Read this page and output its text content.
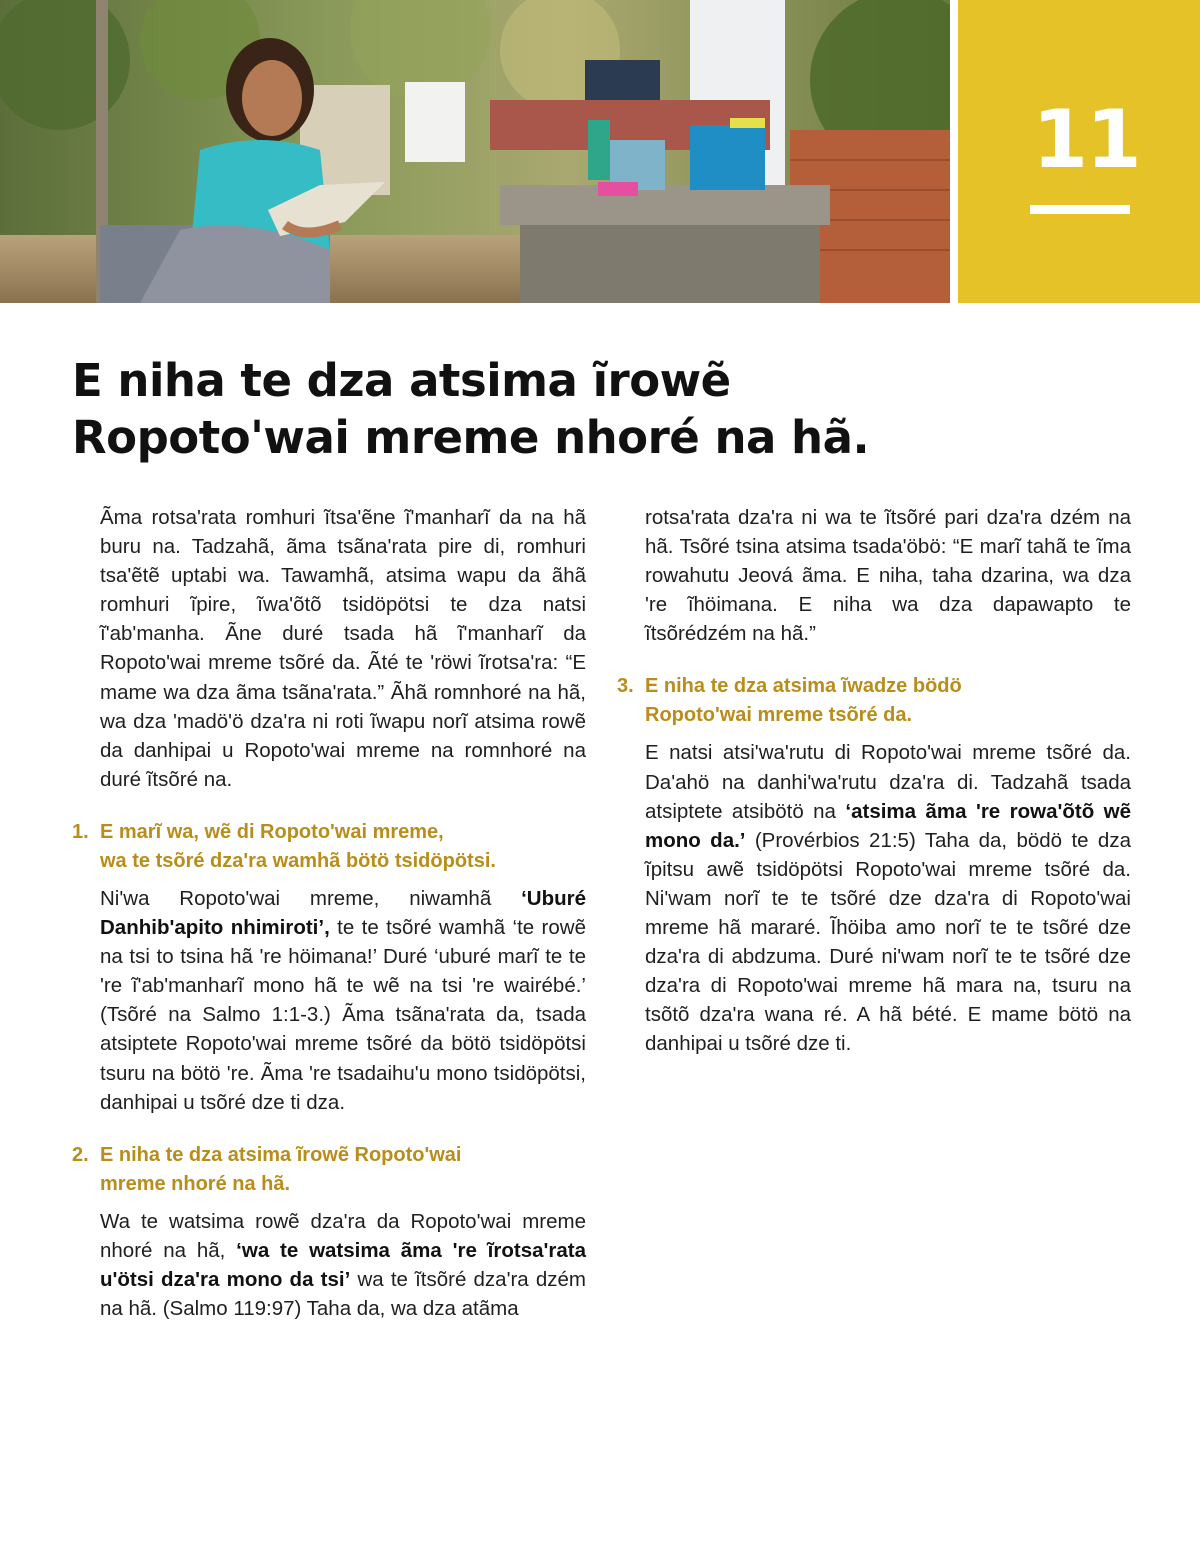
11
E niha te dza atsima ĩrowẽ
Ropoto'wai mreme nhoré na hã.

Ãma rotsa'rata romhuri ĩtsa'ẽne ĩ'manharĩ da na hã buru na. Tadzahã, ãma tsãna'rata pire di, romhuri tsa'ẽtẽ uptabi wa. Tawamhã, atsima wapu da ãhã romhuri ĩpire, ĩwa'õtõ tsidöpötsi te dza natsi ĩ'ab'manha. Ãne duré tsada hã ĩ'manharĩ da Ropoto'wai mreme tsõré da. Ãté te 'röwi ĩrotsa'ra: “E mame wa dza ãma tsãna'rata.” Ãhã romnhoré na hã, wa dza 'madö'ö dza'ra ni roti ĩwapu norĩ atsima rowẽ da danhipai u Ropoto'wai mreme na romnhoré na duré ĩtsõré na.

1. E marĩ wa, wẽ di Ropoto'wai mreme,
wa te tsõré dza'ra wamhã bötö tsidöpötsi.

Ni'wa Ropoto'wai mreme, niwamhã ‘Uburé Danhib'apito nhimiroti’, te te tsõré wamhã ‘te rowẽ na tsi to tsina hã 're höimana!’ Duré ‘uburé marĩ te te 're ĩ'ab'manharĩ mono hã te wẽ na tsi 're wairébé.’ (Tsõré na Salmo 1:1-3.) Ãma tsãna'rata da, tsada atsiptete Ropoto'wai mreme tsõré da bötö tsidöpötsi tsuru na bötö 're. Ãma 're tsadaihu'u mono tsidöpötsi, danhipai u tsõré dze ti dza.

2. E niha te dza atsima ĩrowẽ Ropoto'wai
mreme nhoré na hã.

Wa te watsima rowẽ dza'ra da Ropoto'wai mreme nhoré na hã, ‘wa te watsima ãma 're ĩrotsa'rata u'ötsi dza'ra mono da tsi’ wa te ĩtsõré dza'ra dzém na hã. (Salmo 119:97) Taha da, wa dza atãma

rotsa'rata dza'ra ni wa te ĩtsõré pari dza'ra dzém na hã. Tsõré tsina atsima tsada'öbö: “E marĩ tahã te ĩma rowahutu Jeová ãma. E niha, taha dzarina, wa dza 're ĩhöimana. E niha wa dza dapawapto te ĩtsõrédzém na hã.”

3. E niha te dza atsima ĩwadze bödö
Ropoto'wai mreme tsõré da.

E natsi atsi'wa'rutu di Ropoto'wai mreme tsõré da. Da'ahö na danhi'wa'rutu dza'ra di. Tadzahã tsada atsiptete atsibötö na ‘atsima ãma 're rowa'õtõ wẽ mono da.’ (Provérbios 21:5) Taha da, bödö te dza ĩpitsu awẽ tsidöpötsi Ropoto'wai mreme tsõré da. Ni'wam norĩ te te tsõré dze dza'ra di Ropoto'wai mreme hã mararé. Ĩhöiba amo norĩ te te tsõré dze dza'ra di abdzuma. Duré ni'wam norĩ te te tsõré dze dza'ra di Ropoto'wai mreme hã mara na, tsuru na tsõtõ dza'ra wana ré. A hã bété. E mame bötö na danhipai u tsõré dze ti.
